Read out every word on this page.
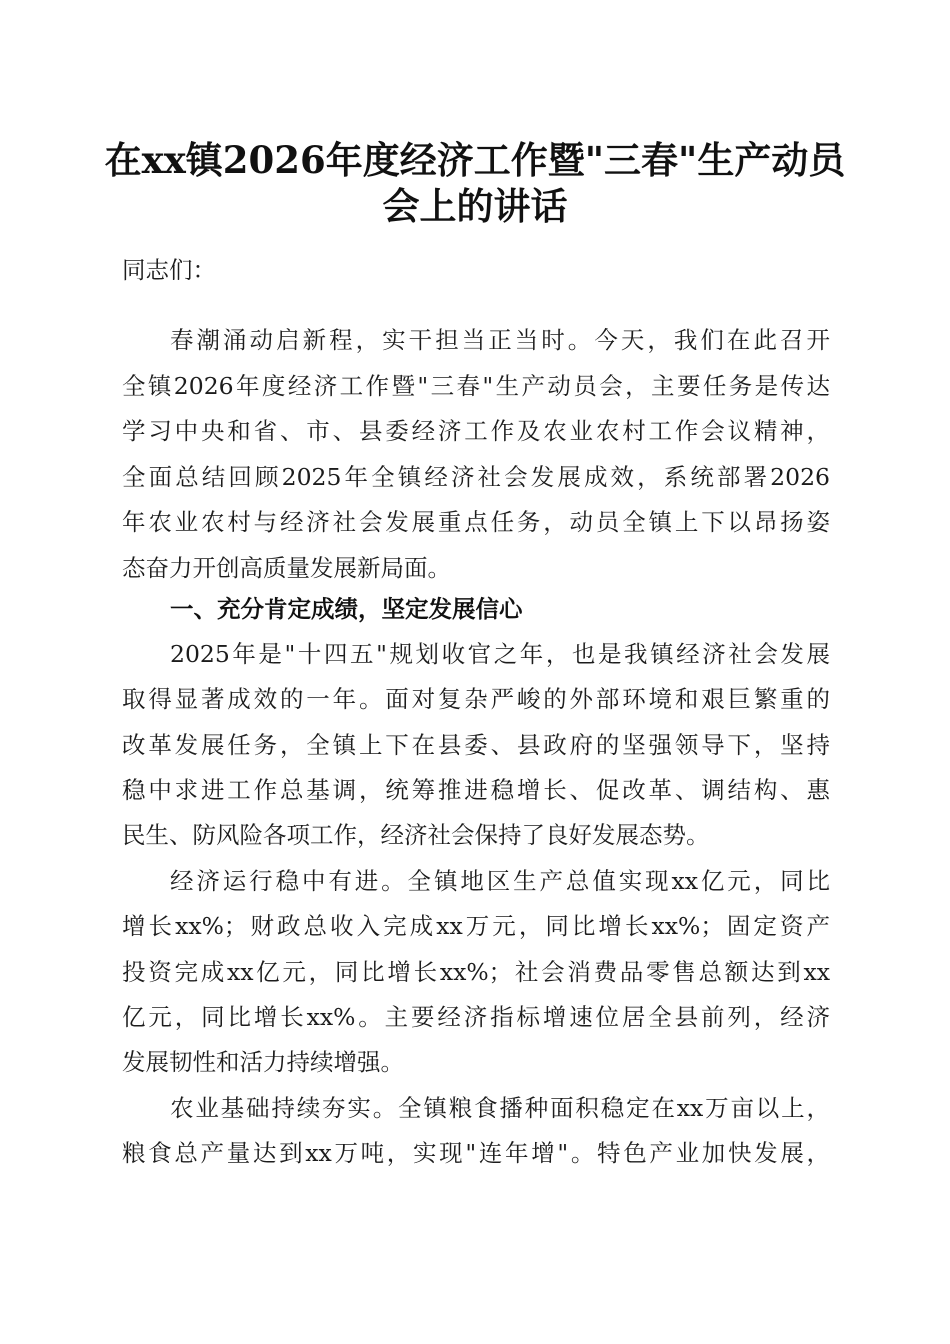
在xx镇2026年度经济工作暨"三春"生产动员
会上的讲话

同志们：

春潮涌动启新程，实干担当正当时。今天，我们在此召开

全镇2026年度经济工作暨"三春"生产动员会，主要任务是传达

学习中央和省、市、县委经济工作及农业农村工作会议精神，

全面总结回顾2025年全镇经济社会发展成效，系统部署2026

年农业农村与经济社会发展重点任务，动员全镇上下以昂扬姿

态奋力开创高质量发展新局面。

一、充分肯定成绩，坚定发展信心

2025年是"十四五"规划收官之年，也是我镇经济社会发展

取得显著成效的一年。面对复杂严峻的外部环境和艰巨繁重的

改革发展任务，全镇上下在县委、县政府的坚强领导下，坚持

稳中求进工作总基调，统筹推进稳增长、促改革、调结构、惠

民生、防风险各项工作，经济社会保持了良好发展态势。

经济运行稳中有进。全镇地区生产总值实现xx亿元，同比

增长xx%；财政总收入完成xx万元，同比增长xx%；固定资产

投资完成xx亿元，同比增长xx%；社会消费品零售总额达到xx

亿元，同比增长xx%。主要经济指标增速位居全县前列，经济

发展韧性和活力持续增强。

农业基础持续夯实。全镇粮食播种面积稳定在xx万亩以上，

粮食总产量达到xx万吨，实现"连年增"。特色产业加快发展，
